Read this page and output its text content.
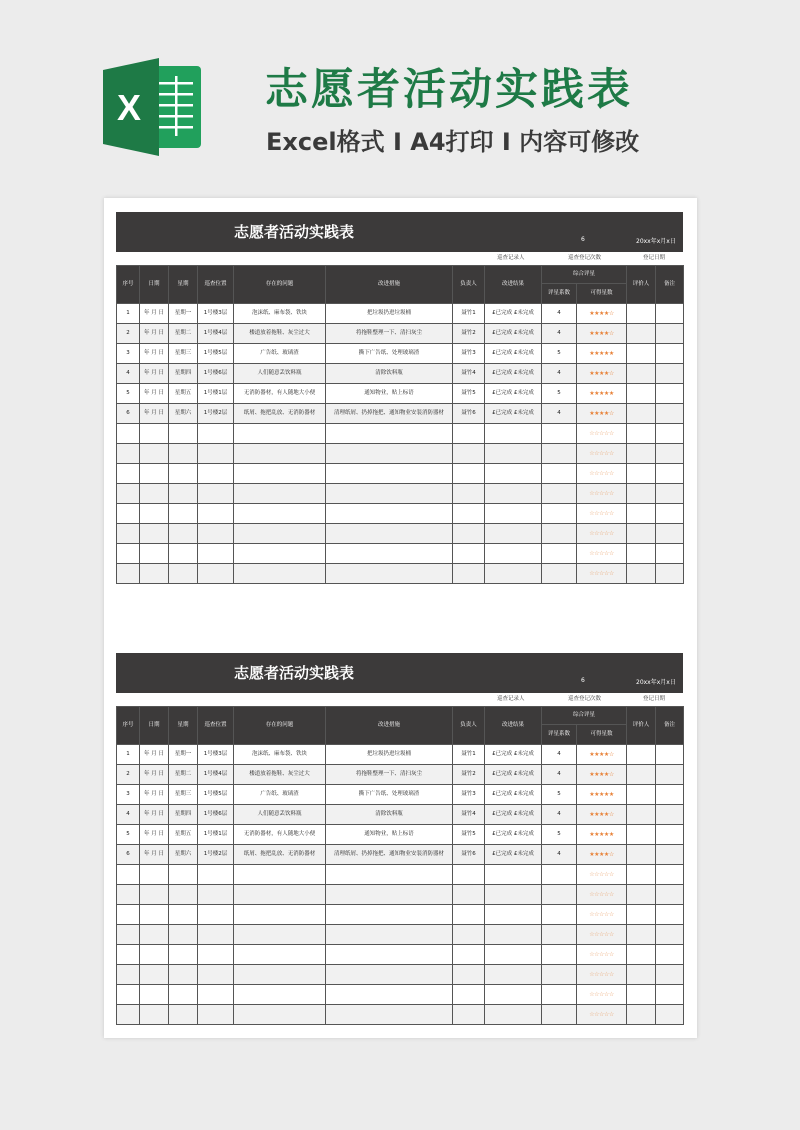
X	志愿者活动实践表
Excel格式 I A4打印 I 内容可修改
志愿者活动实践表	6	20xx年x月x日
巡查记录人	巡查登记次数	登记日期
序号	日期	星期	巡查位置	存在的问题	改进措施	负责人	改进结果	综合评星		评价人	备注
								评星系数	可得星数		
1	年 月 日	星期一	1号楼3层	泡沫纸、麻布袋、铁块	把垃圾扔进垃圾桶	聂竹1	£已完成 £未完成	4	★★★★☆		
2	年 月 日	星期二	1号楼4层	楼道放着拖鞋、灰尘过大	将拖鞋整理一下、清扫灰尘	聂竹2	£已完成 £未完成	4	★★★★☆		
3	年 月 日	星期三	1号楼5层	广告纸、玻璃渣	撕下广告纸、处理玻璃渣	聂竹3	£已完成 £未完成	5	★★★★★		
4	年 月 日	星期四	1号楼6层	人们随意丢饮料瓶	清除饮料瓶	聂竹4	£已完成 £未完成	4	★★★★☆		
5	年 月 日	星期五	1号楼1层	无消防器材，有人随地大小便	通知物业，贴上标语	聂竹5	£已完成 £未完成	5	★★★★★		
6	年 月 日	星期六	1号楼2层	纸屑、拖把乱放、无消防器材	清理纸屑、扔掉拖把、通知物业安装消防器材	聂竹6	£已完成 £未完成	4	★★★★☆		
									☆☆☆☆☆		
									☆☆☆☆☆		
									☆☆☆☆☆		
									☆☆☆☆☆		
									☆☆☆☆☆		
									☆☆☆☆☆		
									☆☆☆☆☆		
									☆☆☆☆☆		
志愿者活动实践表	6	20xx年x月x日
巡查记录人	巡查登记次数	登记日期
序号	日期	星期	巡查位置	存在的问题	改进措施	负责人	改进结果	综合评星		评价人	备注
								评星系数	可得星数		
1	年 月 日	星期一	1号楼3层	泡沫纸、麻布袋、铁块	把垃圾扔进垃圾桶	聂竹1	£已完成 £未完成	4	★★★★☆		
2	年 月 日	星期二	1号楼4层	楼道放着拖鞋、灰尘过大	将拖鞋整理一下、清扫灰尘	聂竹2	£已完成 £未完成	4	★★★★☆		
3	年 月 日	星期三	1号楼5层	广告纸、玻璃渣	撕下广告纸、处理玻璃渣	聂竹3	£已完成 £未完成	5	★★★★★		
4	年 月 日	星期四	1号楼6层	人们随意丢饮料瓶	清除饮料瓶	聂竹4	£已完成 £未完成	4	★★★★☆		
5	年 月 日	星期五	1号楼1层	无消防器材，有人随地大小便	通知物业，贴上标语	聂竹5	£已完成 £未完成	5	★★★★★		
6	年 月 日	星期六	1号楼2层	纸屑、拖把乱放、无消防器材	清理纸屑、扔掉拖把、通知物业安装消防器材	聂竹6	£已完成 £未完成	4	★★★★☆		
									☆☆☆☆☆		
									☆☆☆☆☆		
									☆☆☆☆☆		
									☆☆☆☆☆		
									☆☆☆☆☆		
									☆☆☆☆☆		
									☆☆☆☆☆		
									☆☆☆☆☆		
